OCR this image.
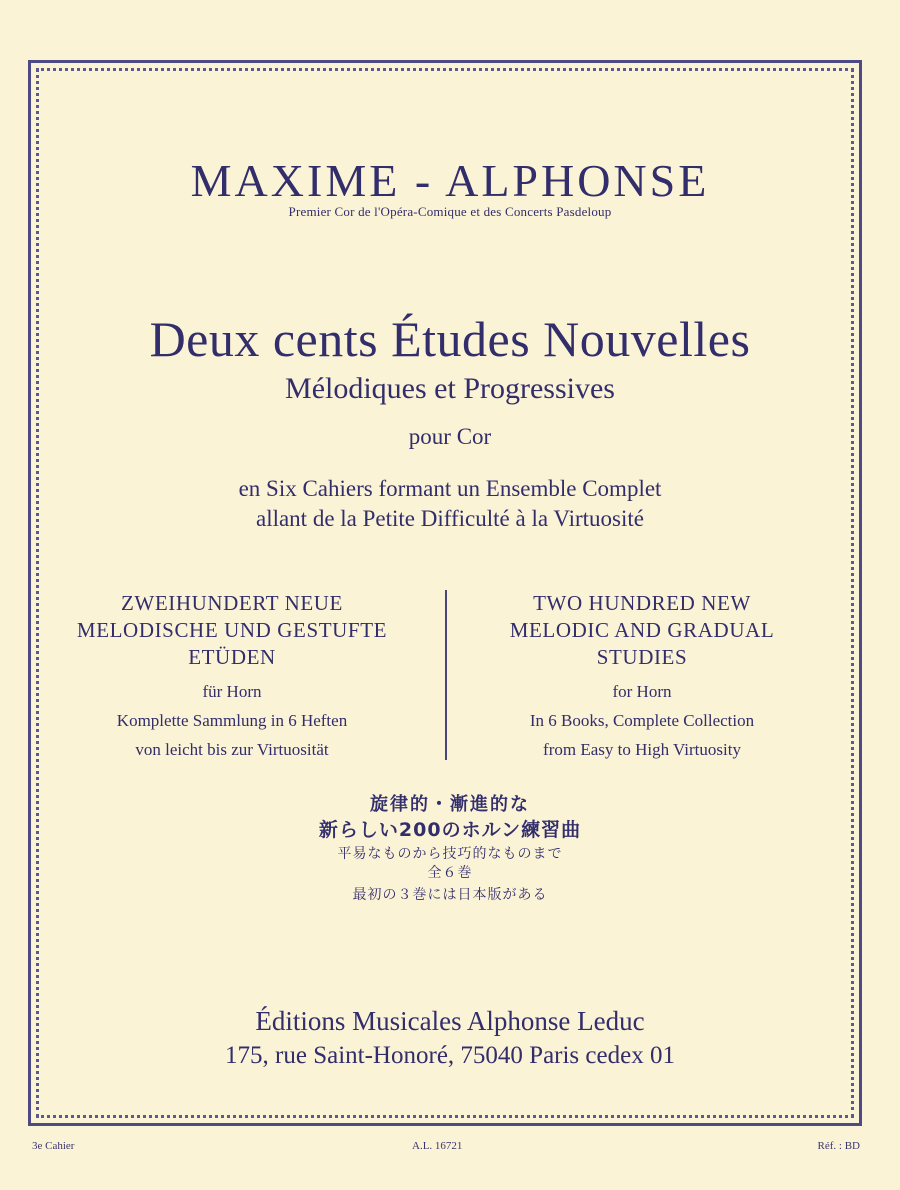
MAXIME - ALPHONSE
Premier Cor de l'Opéra-Comique et des Concerts Pasdeloup
Deux cents Études Nouvelles
Mélodiques et Progressives
pour Cor
en Six Cahiers formant un Ensemble Complet
allant de la Petite Difficulté à la Virtuosité
ZWEIHUNDERT NEUE
MELODISCHE UND GESTUFTE
ETÜDEN
für Horn
Komplette Sammlung in 6 Heften
von leicht bis zur Virtuosität
TWO HUNDRED NEW
MELODIC AND GRADUAL
STUDIES
for Horn
In 6 Books, Complete Collection
from Easy to High Virtuosity
旋律的・漸進的な
新らしい200のホルン練習曲
平易なものから技巧的なものまで
全６巻
最初の３巻には日本版がある
Éditions Musicales Alphonse Leduc
175, rue Saint-Honoré, 75040 Paris cedex 01
3e Cahier	A.L. 16721	Réf. : BD
